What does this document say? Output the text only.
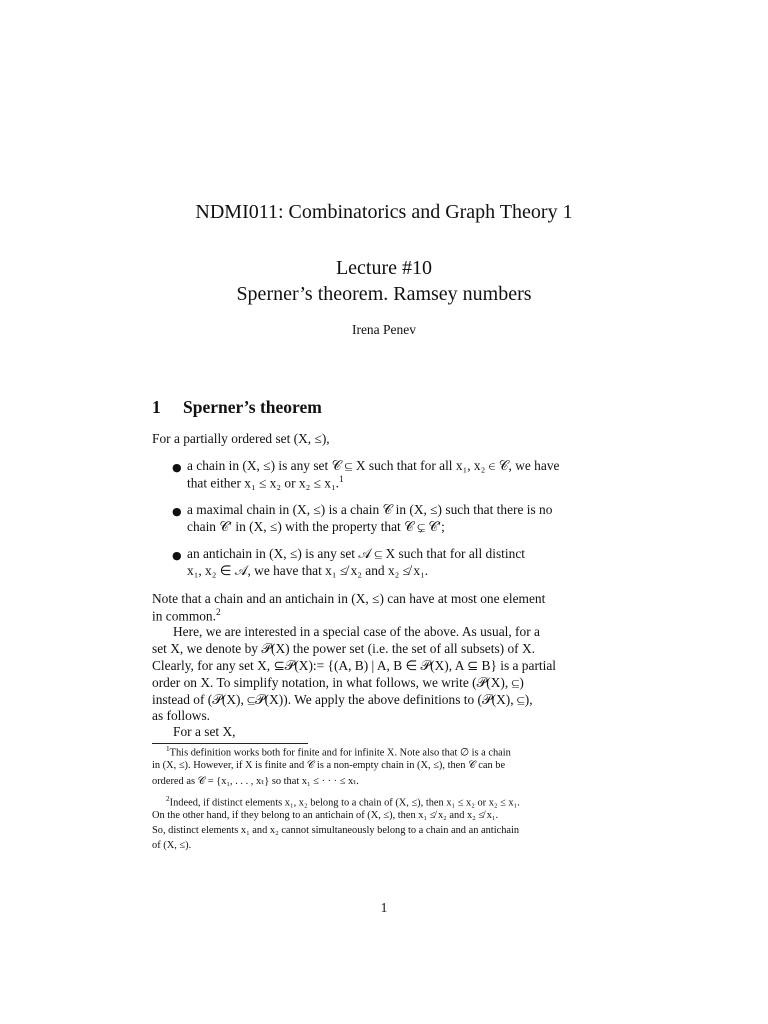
NDMI011: Combinatorics and Graph Theory 1
Lecture #10
Sperner’s theorem. Ramsey numbers
Irena Penev
1 Sperner’s theorem
For a partially ordered set (X, ≤),
● a chain in (X, ≤) is any set 𝒞 ⊆ X such that for all x₁, x₂ ∈ 𝒞, we have
that either x₁ ≤ x₂ or x₂ ≤ x₁.$^1$
● a maximal chain in (X, ≤) is a chain 𝒞 in (X, ≤) such that there is no
chain 𝒞′ in (X, ≤) with the property that 𝒞 ⊊ 𝒞′;
● an antichain in (X, ≤) is any set 𝒜 ⊆ X such that for all distinct
x₁, x₂ ∈ 𝒜, we have that x₁ ≰ x₂ and x₂ ≰ x₁.
Note that a chain and an antichain in (X, ≤) can have at most one element
in common.$^2$
Here, we are interested in a special case of the above. As usual, for a
set X, we denote by 𝒫(X) the power set (i.e. the set of all subsets) of X.
Clearly, for any set X, ⊆𝒫(X):= {(A, B) | A, B ∈ 𝒫(X), A ⊆ B} is a partial
order on X. To simplify notation, in what follows, we write (𝒫(X), ⊆)
instead of (𝒫(X), ⊆𝒫(X)). We apply the above definitions to (𝒫(X), ⊆),
as follows.
For a set X,
$^1$This definition works both for finite and for infinite X. Note also that ∅ is a chain
in (X, ≤). However, if X is finite and 𝒞 is a non-empty chain in (X, ≤), then 𝒞 can be
ordered as 𝒞 = {x₁, . . . , xₜ} so that x₁ ≤ · · · ≤ xₜ.
$^2$Indeed, if distinct elements x₁, x₂ belong to a chain of (X, ≤), then x₁ ≤ x₂ or x₂ ≤ x₁.
On the other hand, if they belong to an antichain of (X, ≤), then x₁ ≰ x₂ and x₂ ≰ x₁.
So, distinct elements x₁ and x₂ cannot simultaneously belong to a chain and an antichain
of (X, ≤).
1
